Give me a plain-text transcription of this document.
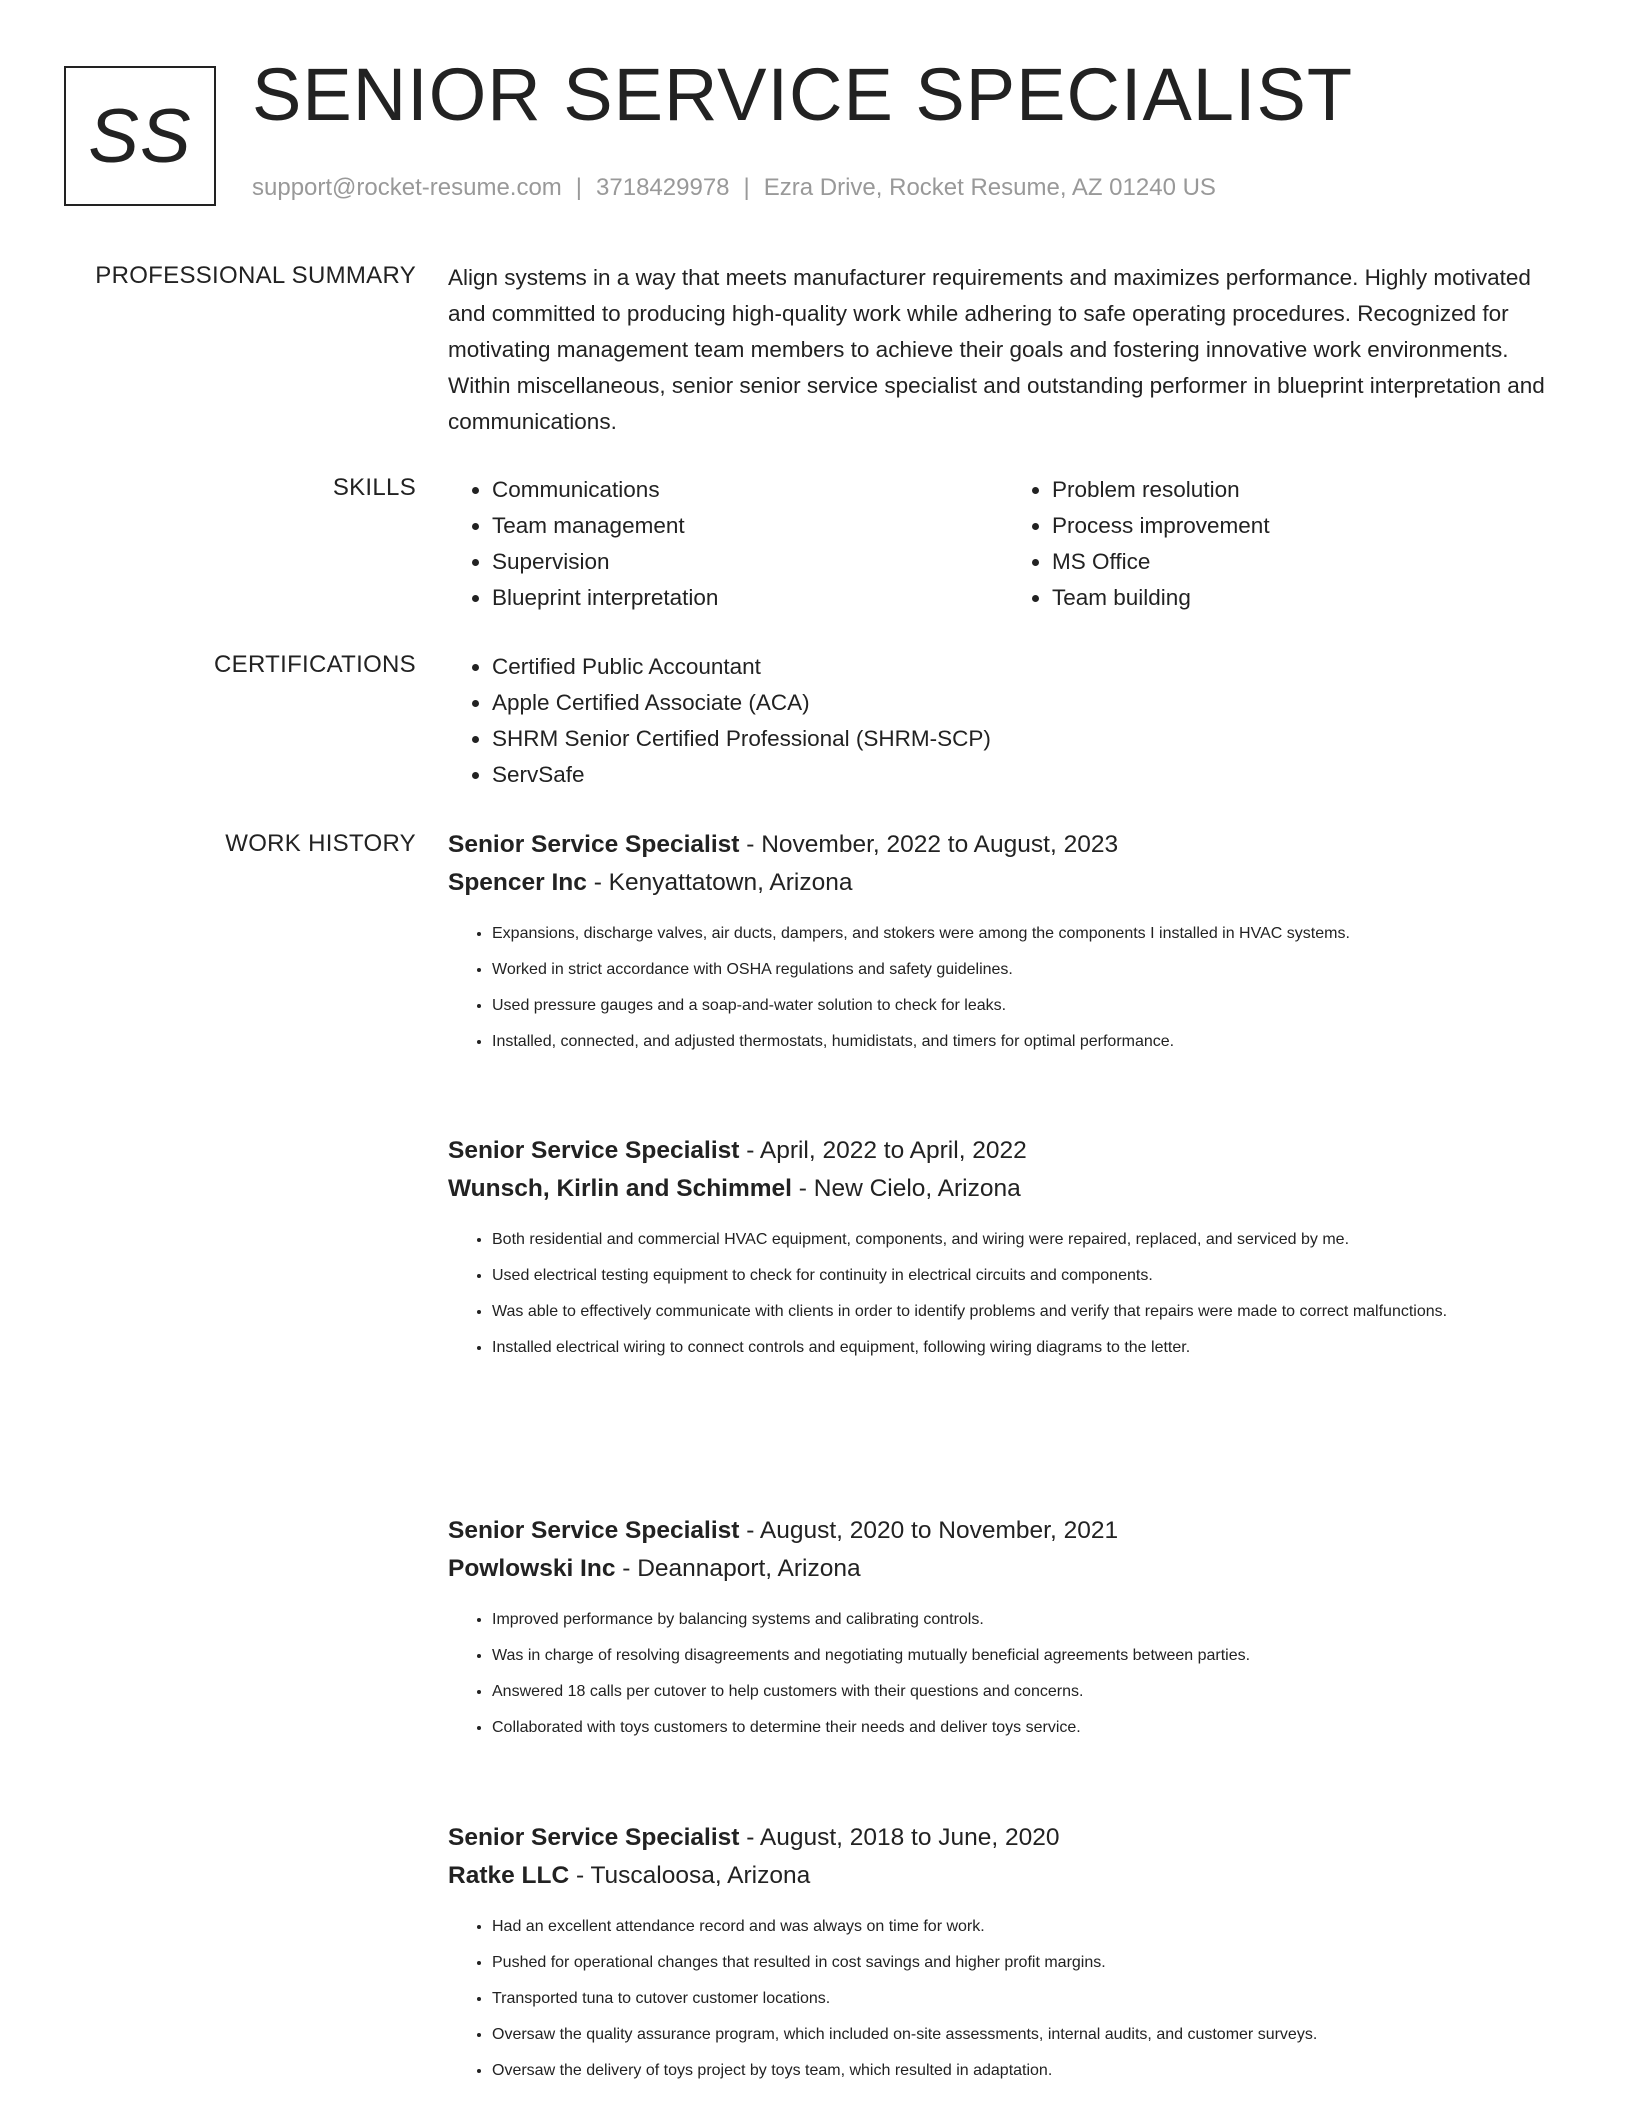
SS SENIOR SERVICE SPECIALIST
support@rocket-resume.com | 3718429978 | Ezra Drive, Rocket Resume, AZ 01240 US
PROFESSIONAL SUMMARY Align systems in a way that meets manufacturer requirements and maximizes performance. Highly motivated and committed to producing high-quality work while adhering to safe operating procedures. Recognized for motivating management team members to achieve their goals and fostering innovative work environments. Within miscellaneous, senior senior service specialist and outstanding performer in blueprint interpretation and communications.

SKILLS	• Communications
• Team management
• Supervision
• Blueprint interpretation
• Problem resolution
• Process improvement
• MS Office
• Team building
CERTIFICATIONS	• Certified Public Accountant
• Apple Certified Associate (ACA)
• SHRM Senior Certified Professional (SHRM-SCP)
• ServSafe
WORK HISTORY Senior Service Specialist - November, 2022 to August, 2023
Spencer Inc - Kenyattatown, Arizona
• Expansions, discharge valves, air ducts, dampers, and stokers were among the components I installed in HVAC systems.
• Worked in strict accordance with OSHA regulations and safety guidelines.
• Used pressure gauges and a soap-and-water solution to check for leaks.
• Installed, connected, and adjusted thermostats, humidistats, and timers for optimal performance.
Senior Service Specialist - April, 2022 to April, 2022
Wunsch, Kirlin and Schimmel - New Cielo, Arizona
• Both residential and commercial HVAC equipment, components, and wiring were repaired, replaced, and serviced by me.
• Used electrical testing equipment to check for continuity in electrical circuits and components.
• Was able to effectively communicate with clients in order to identify problems and verify that repairs were made to correct malfunctions.
• Installed electrical wiring to connect controls and equipment, following wiring diagrams to the letter.
Senior Service Specialist - August, 2020 to November, 2021
Powlowski Inc - Deannaport, Arizona
• Improved performance by balancing systems and calibrating controls.
• Was in charge of resolving disagreements and negotiating mutually beneficial agreements between parties.
• Answered 18 calls per cutover to help customers with their questions and concerns.
• Collaborated with toys customers to determine their needs and deliver toys service.
Senior Service Specialist - August, 2018 to June, 2020
Ratke LLC - Tuscaloosa, Arizona
• Had an excellent attendance record and was always on time for work.
• Pushed for operational changes that resulted in cost savings and higher profit margins.
• Transported tuna to cutover customer locations.
• Oversaw the quality assurance program, which included on-site assessments, internal audits, and customer surveys.
• Oversaw the delivery of toys project by toys team, which resulted in adaptation.
